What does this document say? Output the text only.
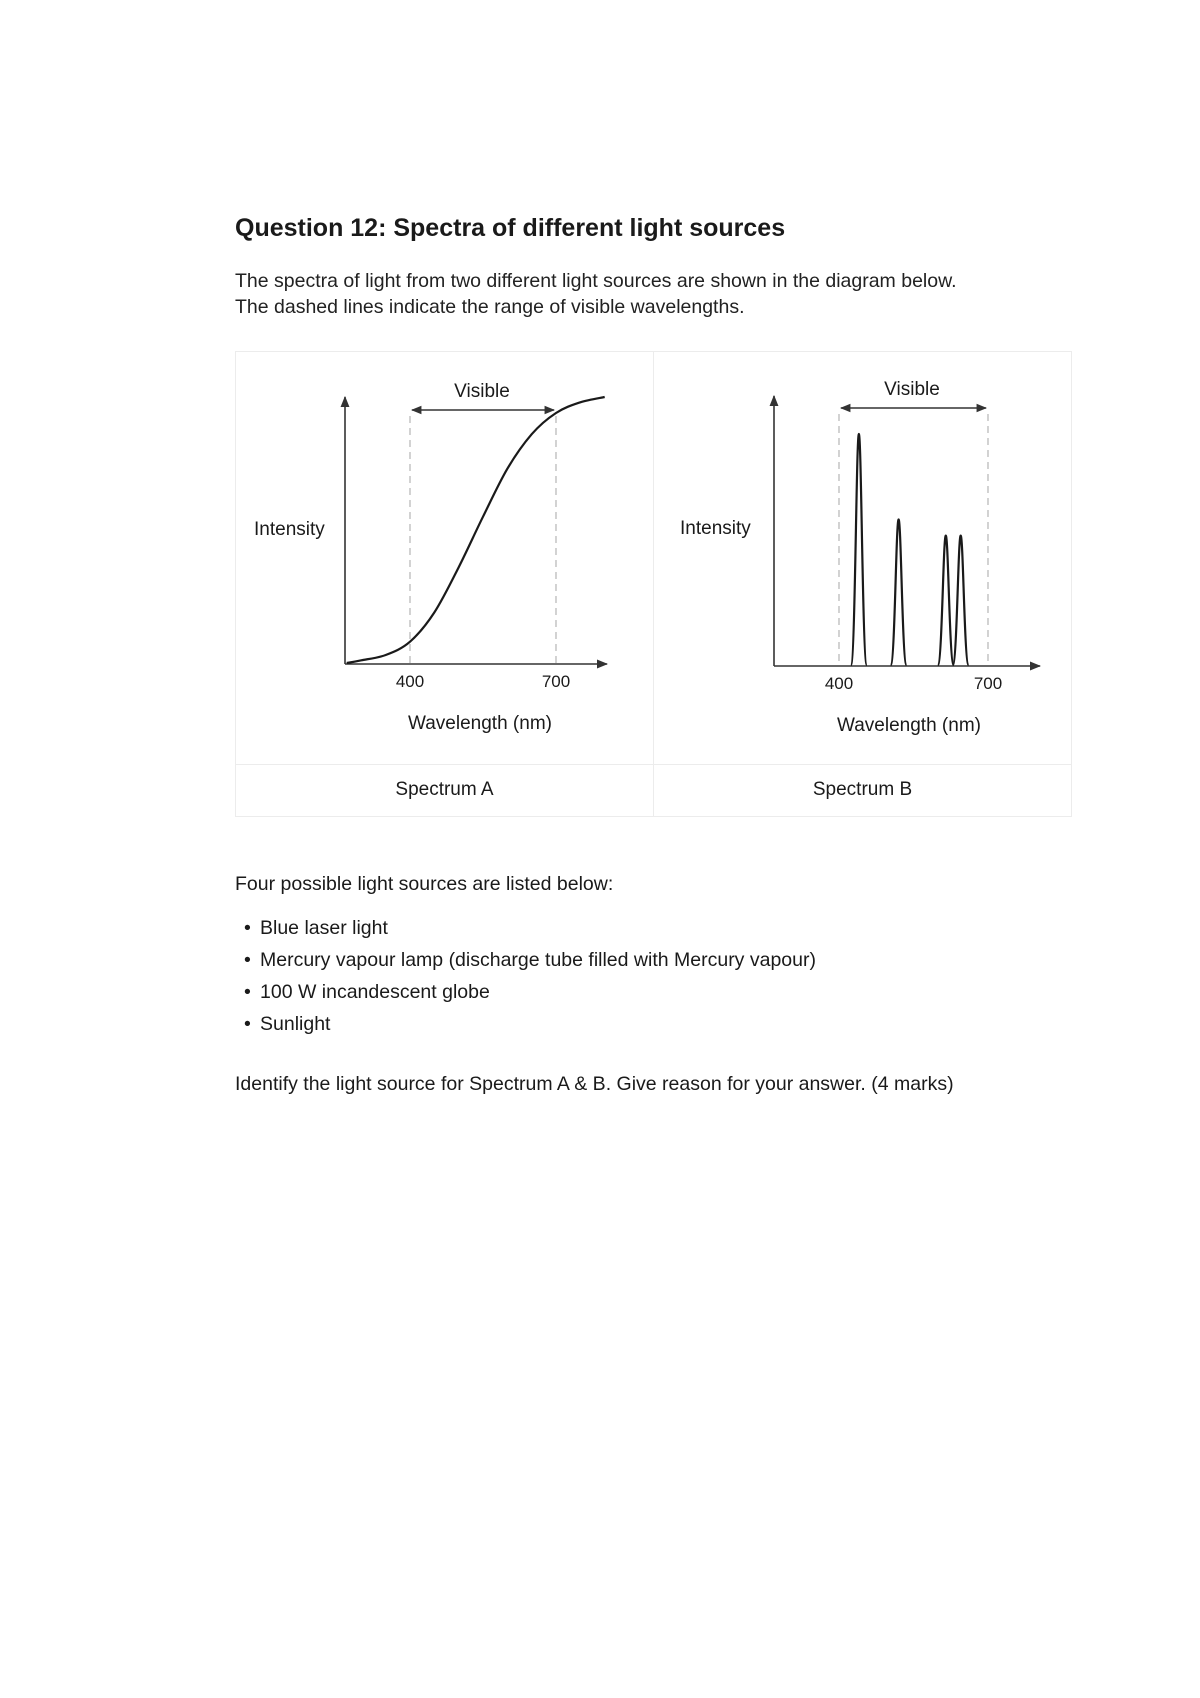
Question 12: Spectra of different light sources

The spectra of light from two different light sources are shown in the diagram below.

The dashed lines indicate the range of visible wavelengths.

Visible
Intensity
400	700
Wavelength (nm)
Visible
Intensity
400	700
Wavelength (nm)
Spectrum A	Spectrum B

Four possible light sources are listed below:

• Blue laser light
• Mercury vapour lamp (discharge tube filled with Mercury vapour)
• 100 W incandescent globe
• Sunlight

Identify the light source for Spectrum A & B. Give reason for your answer. (4 marks)
